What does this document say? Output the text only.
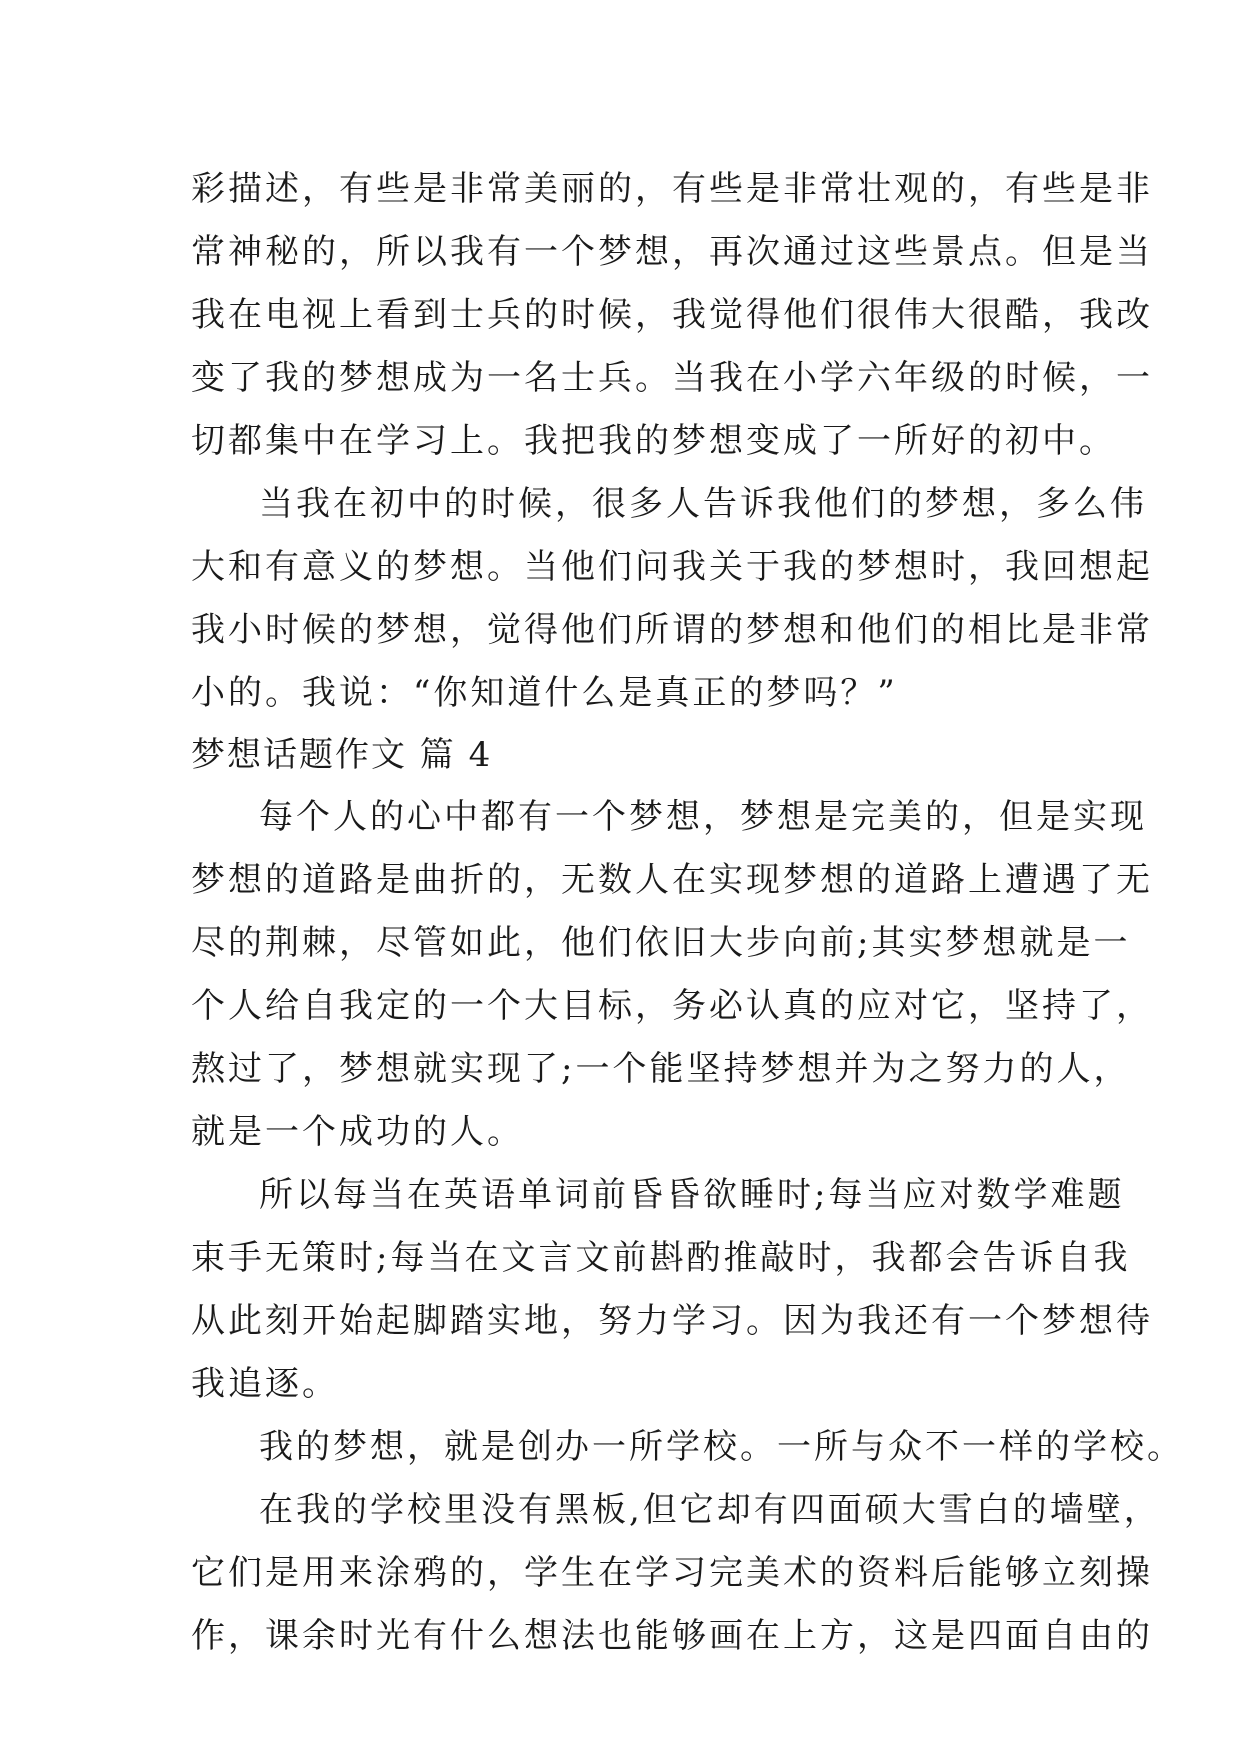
彩描述，有些是非常美丽的，有些是非常壮观的，有些是非
常神秘的，所以我有一个梦想，再次通过这些景点。但是当
我在电视上看到士兵的时候，我觉得他们很伟大很酷，我改
变了我的梦想成为一名士兵。当我在小学六年级的时候，一
切都集中在学习上。我把我的梦想变成了一所好的初中。
当我在初中的时候，很多人告诉我他们的梦想，多么伟
大和有意义的梦想。当他们问我关于我的梦想时，我回想起
我小时候的梦想，觉得他们所谓的梦想和他们的相比是非常
小的。我说：“你知道什么是真正的梦吗？”
梦想话题作文 篇 4
每个人的心中都有一个梦想，梦想是完美的，但是实现
梦想的道路是曲折的，无数人在实现梦想的道路上遭遇了无
尽的荆棘，尽管如此，他们依旧大步向前;其实梦想就是一
个人给自我定的一个大目标，务必认真的应对它，坚持了，
熬过了，梦想就实现了;一个能坚持梦想并为之努力的人，
就是一个成功的人。
所以每当在英语单词前昏昏欲睡时;每当应对数学难题
束手无策时;每当在文言文前斟酌推敲时，我都会告诉自我
从此刻开始起脚踏实地，努力学习。因为我还有一个梦想待
我追逐。
我的梦想，就是创办一所学校。一所与众不一样的学校。
在我的学校里没有黑板,但它却有四面硕大雪白的墙壁，
它们是用来涂鸦的，学生在学习完美术的资料后能够立刻操
作，课余时光有什么想法也能够画在上方，这是四面自由的
